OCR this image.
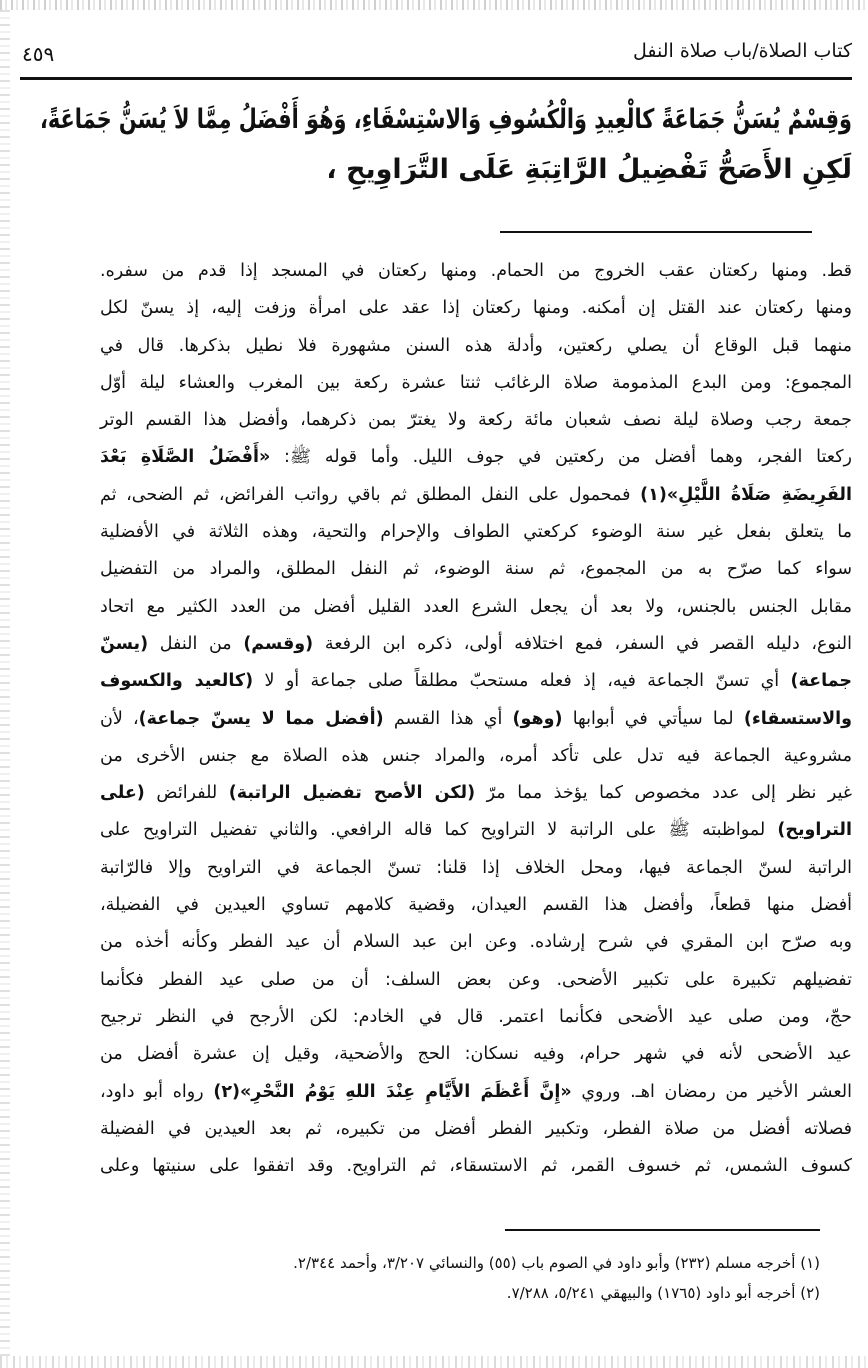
كتاب الصلاة/باب صلاة النفل
٤٥٩
وَقِسْمٌ يُسَنُّ جَمَاعَةً كالْعِيدِ وَالْكُسُوفِ وَالاسْتِسْقَاءِ، وَهُوَ أَفْضَلُ مِمَّا لاَ يُسَنُّ جَمَاعَةً،
لَكِنِ الأَصَحُّ تَفْضِيلُ الرَّاتِبَةِ عَلَى التَّرَاوِيحِ ،
قط. ومنها ركعتان عقب الخروج من الحمام. ومنها ركعتان في المسجد إذا قدم من سفره.
ومنها ركعتان عند القتل إن أمكنه. ومنها ركعتان إذا عقد على امرأة وزفت إليه، إذ يسنّ لكل
منهما قبل الوقاع أن يصلي ركعتين، وأدلة هذه السنن مشهورة فلا نطيل بذكرها. قال في
المجموع: ومن البدع المذمومة صلاة الرغائب ثنتا عشرة ركعة بين المغرب والعشاء ليلة أوّل
جمعة رجب وصلاة ليلة نصف شعبان مائة ركعة ولا يغترّ بمن ذكرهما، وأفضل هذا القسم الوتر
ركعتا الفجر، وهما أفضل من ركعتين في جوف الليل. وأما قوله ﷺ: «أَفْضَلُ الصَّلَاةِ بَعْدَ
الفَرِيضَةِ صَلَاةُ اللَّيْلِ»(١) فمحمول على النفل المطلق ثم باقي رواتب الفرائض، ثم الضحى، ثم
ما يتعلق بفعل غير سنة الوضوء كركعتي الطواف والإحرام والتحية، وهذه الثلاثة في الأفضلية
سواء كما صرّح به من المجموع، ثم سنة الوضوء، ثم النفل المطلق، والمراد من التفضيل
مقابل الجنس بالجنس، ولا بعد أن يجعل الشرع العدد القليل أفضل من العدد الكثير مع اتحاد
النوع، دليله القصر في السفر، فمع اختلافه أولى، ذكره ابن الرفعة (وقسم) من النفل (يسنّ
جماعة) أي تسنّ الجماعة فيه، إذ فعله مستحبّ مطلقاً صلى جماعة أو لا (كالعيد والكسوف
والاستسقاء) لما سيأتي في أبوابها (وهو) أي هذا القسم (أفضل مما لا يسنّ جماعة)، لأن
مشروعية الجماعة فيه تدل على تأكد أمره، والمراد جنس هذه الصلاة مع جنس الأخرى من
غير نظر إلى عدد مخصوص كما يؤخذ مما مرّ (لكن الأصح تفضيل الراتبة) للفرائض (على
التراويح) لمواظبته ﷺ على الراتبة لا التراويح كما قاله الرافعي. والثاني تفضيل التراويح على
الراتبة لسنّ الجماعة فيها، ومحل الخلاف إذا قلنا: تسنّ الجماعة في التراويح وإلا فالرّاتبة
أفضل منها قطعاً، وأفضل هذا القسم العيدان، وقضية كلامهم تساوي العيدين في الفضيلة،
وبه صرّح ابن المقري في شرح إرشاده. وعن ابن عبد السلام أن عيد الفطر وكأنه أخذه من
تفضيلهم تكبيرة على تكبير الأضحى. وعن بعض السلف: أن من صلى عيد الفطر فكأنما
حجّ، ومن صلى عيد الأضحى فكأنما اعتمر. قال في الخادم: لكن الأرجح في النظر ترجيح
عيد الأضحى لأنه في شهر حرام، وفيه نسكان: الحج والأضحية، وقيل إن عشرة أفضل من
العشر الأخير من رمضان اهـ. وروي «إِنَّ أَعْظَمَ الأَيَّامِ عِنْدَ اللهِ يَوْمُ النَّحْرِ»(٢) رواه أبو داود،
فصلاته أفضل من صلاة الفطر، وتكبير الفطر أفضل من تكبيره، ثم بعد العيدين في الفضيلة
كسوف الشمس، ثم خسوف القمر، ثم الاستسقاء، ثم التراويح. وقد اتفقوا على سنيتها وعلى
(١) أخرجه مسلم (٢٣٢) وأبو داود في الصوم باب (٥٥) والنسائي ٣/٢٠٧، وأحمد ٢/٣٤٤.
(٢) أخرجه أبو داود (١٧٦٥) والبيهقي ٥/٢٤١، ٧/٢٨٨.
